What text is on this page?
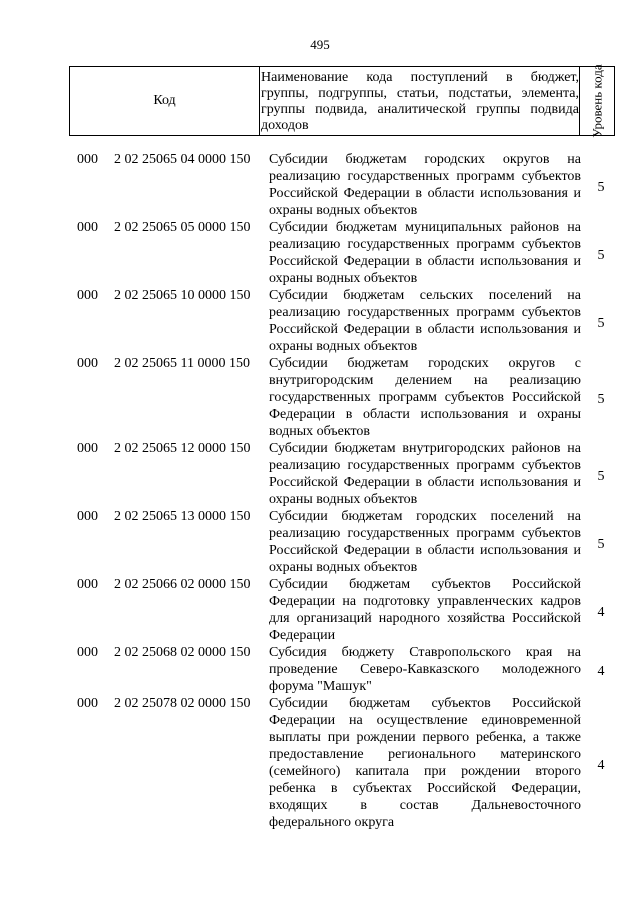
495
Код
Наименование кода поступлений в бюджет,
группы, подгруппы, статьи, подстатьи, элемента,
группы подвида, аналитической группы подвида
доходов	Уровень кода
000 2 02 25065 04 0000 150 Субсидии бюджетам городских округов на
реализацию государственных программ субъектов
Российской Федерации в области использования и
охраны водных объектов
5
000 2 02 25065 05 0000 150 Субсидии бюджетам муниципальных районов на
реализацию государственных программ субъектов
Российской Федерации в области использования и
охраны водных объектов
5
000 2 02 25065 10 0000 150 Субсидии бюджетам сельских поселений на
реализацию государственных программ субъектов
Российской Федерации в области использования и
охраны водных объектов
5
000 2 02 25065 11 0000 150 Субсидии бюджетам городских округов с
внутригородским делением на реализацию
государственных программ субъектов Российской
Федерации в области использования и охраны
водных объектов
5
000 2 02 25065 12 0000 150 Субсидии бюджетам внутригородских районов на
реализацию государственных программ субъектов
Российской Федерации в области использования и
охраны водных объектов
5
000 2 02 25065 13 0000 150 Субсидии бюджетам городских поселений на
реализацию государственных программ субъектов
Российской Федерации в области использования и
охраны водных объектов
5
000 2 02 25066 02 0000 150 Субсидии бюджетам субъектов Российской
Федерации на подготовку управленческих кадров
для организаций народного хозяйства Российской
Федерации
4
000 2 02 25068 02 0000 150 Субсидия бюджету Ставропольского края на
проведение Северо-Кавказского молодежного
форума "Машук"
4
000 2 02 25078 02 0000 150 Субсидии бюджетам субъектов Российской
Федерации на осуществление единовременной
выплаты при рождении первого ребенка, а также
предоставление регионального материнского
(семейного) капитала при рождении второго
ребенка в субъектах Российской Федерации,
входящих в состав Дальневосточного
федерального округа
4
